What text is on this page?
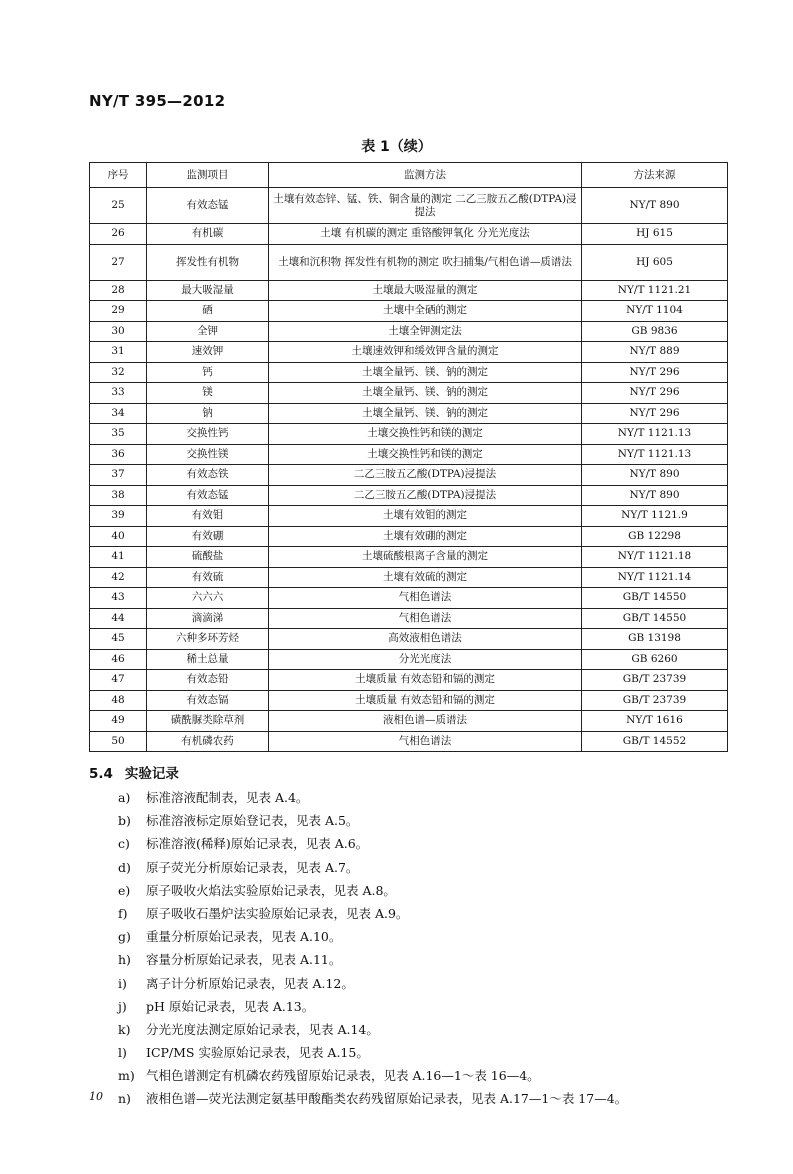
NY/T 395—2012
表 1（续）
序号	监测项目	监测方法	方法来源
25	有效态锰	土壤有效态锌、锰、铁、铜含量的测定 二乙三胺五乙酸(DTPA)浸提法	NY/T 890
26	有机碳	土壤 有机碳的测定 重铬酸钾氧化 分光光度法	HJ 615
27	挥发性有机物	土壤和沉积物 挥发性有机物的测定 吹扫捕集/气相色谱—质谱法	HJ 605
28	最大吸湿量	土壤最大吸湿量的测定	NY/T 1121.21
29	硒	土壤中全硒的测定	NY/T 1104
30	全钾	土壤全钾测定法	GB 9836
31	速效钾	土壤速效钾和缓效钾含量的测定	NY/T 889
32	钙	土壤全量钙、镁、钠的测定	NY/T 296
33	镁	土壤全量钙、镁、钠的测定	NY/T 296
34	钠	土壤全量钙、镁、钠的测定	NY/T 296
35	交换性钙	土壤交换性钙和镁的测定	NY/T 1121.13
36	交换性镁	土壤交换性钙和镁的测定	NY/T 1121.13
37	有效态铁	二乙三胺五乙酸(DTPA)浸提法	NY/T 890
38	有效态锰	二乙三胺五乙酸(DTPA)浸提法	NY/T 890
39	有效钼	土壤有效钼的测定	NY/T 1121.9
40	有效硼	土壤有效硼的测定	GB 12298
41	硫酸盐	土壤硫酸根离子含量的测定	NY/T 1121.18
42	有效硫	土壤有效硫的测定	NY/T 1121.14
43	六六六	气相色谱法	GB/T 14550
44	滴滴涕	气相色谱法	GB/T 14550
45	六种多环芳烃	高效液相色谱法	GB 13198
46	稀土总量	分光光度法	GB 6260
47	有效态铅	土壤质量 有效态铅和镉的测定	GB/T 23739
48	有效态镉	土壤质量 有效态铅和镉的测定	GB/T 23739
49	磺酰脲类除草剂	液相色谱—质谱法	NY/T 1616
50	有机磷农药	气相色谱法	GB/T 14552
5.4 实验记录
a) 标准溶液配制表，见表 A.4。
b) 标准溶液标定原始登记表，见表 A.5。
c) 标准溶液(稀释)原始记录表，见表 A.6。
d) 原子荧光分析原始记录表，见表 A.7。
e) 原子吸收火焰法实验原始记录表，见表 A.8。
f) 原子吸收石墨炉法实验原始记录表，见表 A.9。
g) 重量分析原始记录表，见表 A.10。
h) 容量分析原始记录表，见表 A.11。
i) 离子计分析原始记录表，见表 A.12。
j) pH 原始记录表，见表 A.13。
k) 分光光度法测定原始记录表，见表 A.14。
l) ICP/MS 实验原始记录表，见表 A.15。
m) 气相色谱测定有机磷农药残留原始记录表，见表 A.16—1～表 16—4。
n) 液相色谱—荧光法测定氨基甲酸酯类农药残留原始记录表，见表 A.17—1～表 17—4。
10
